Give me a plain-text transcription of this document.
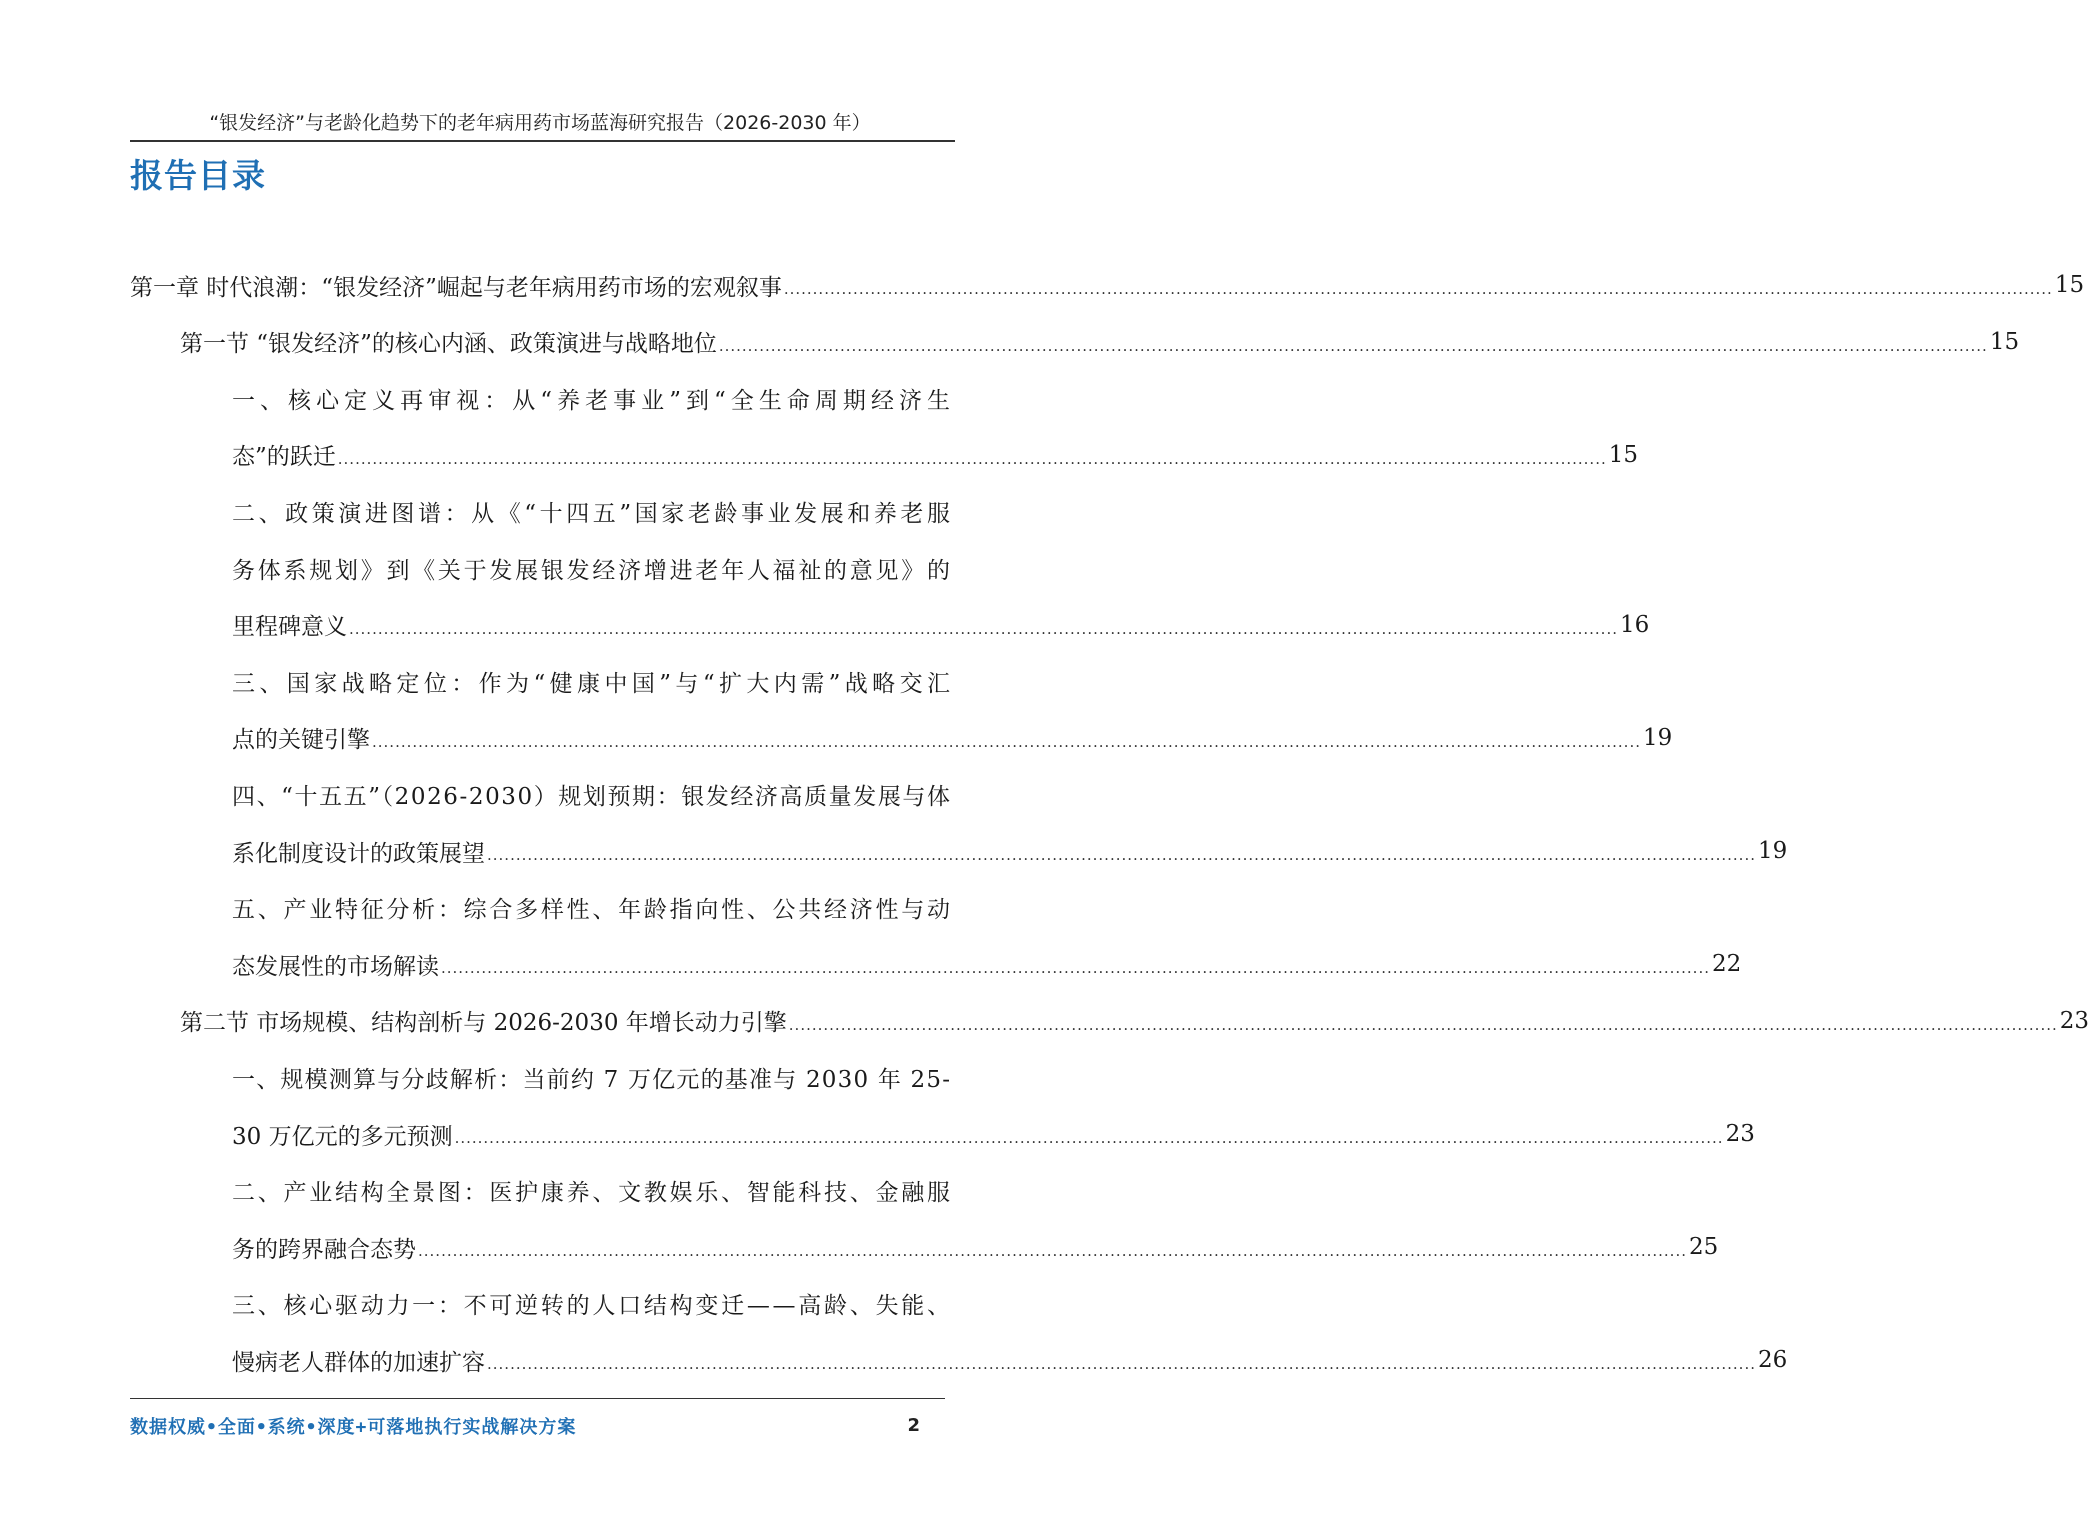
“银发经济”与老龄化趋势下的老年病用药市场蓝海研究报告（2026-2030 年）
报告目录
第一章 时代浪潮：“银发经济”崛起与老年病用药市场的宏观叙事 ............................................................................................................................................................................................................................ 15
第一节 “银发经济”的核心内涵、政策演进与战略地位 ............................................................................................................................................................................................................................ 15
一、核心定义再审视：从“养老事业”到“全生命周期经济生
态”的跃迁 ............................................................................................................................................................................................................................ 15
二、政策演进图谱：从《“十四五”国家老龄事业发展和养老服
务体系规划》到《关于发展银发经济增进老年人福祉的意见》的
里程碑意义 ............................................................................................................................................................................................................................ 16
三、国家战略定位：作为“健康中国”与“扩大内需”战略交汇
点的关键引擎 ............................................................................................................................................................................................................................ 19
四、“十五五”（2026-2030）规划预期：银发经济高质量发展与体
系化制度设计的政策展望 ............................................................................................................................................................................................................................ 19
五、产业特征分析：综合多样性、年龄指向性、公共经济性与动
态发展性的市场解读 ............................................................................................................................................................................................................................ 22
第二节 市场规模、结构剖析与 2026-2030 年增长动力引擎 ............................................................................................................................................................................................................................ 23
一、规模测算与分歧解析：当前约 7 万亿元的基准与 2030 年 25-
30 万亿元的多元预测 ............................................................................................................................................................................................................................ 23
二、产业结构全景图：医护康养、文教娱乐、智能科技、金融服
务的跨界融合态势 ............................................................................................................................................................................................................................ 25
三、核心驱动力一：不可逆转的人口结构变迁——高龄、失能、
慢病老人群体的加速扩容 ............................................................................................................................................................................................................................ 26
数据权威•全面•系统•深度+可落地执行实战解决方案	2
